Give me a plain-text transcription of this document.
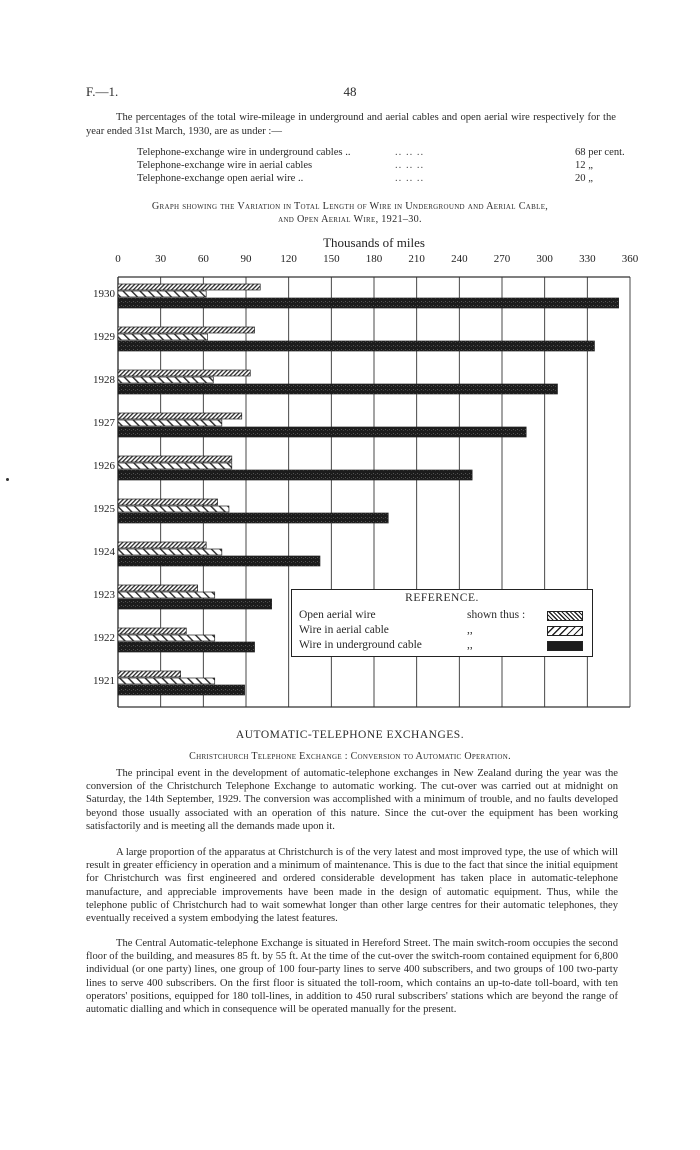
F.—1.	48

The percentages of the total wire-mileage in underground and aerial cables and open aerial wire respectively for the year ended 31st March, 1930, are as under :—

Telephone-exchange wire in underground cables ..	.. .. ..	68 per cent.
Telephone-exchange wire in aerial cables	.. .. ..	12 „
Telephone-exchange open aerial wire ..	.. .. ..	20 „
Graph showing the Variation in Total Length of Wire in Underground and Aerial Cable,
and Open Aerial Wire, 1921–30.
Thousands of miles
0	30	60	90	120 150 180 210 240 270 300 330 360
1930
1929
1928
1927
1926
1925
1924
1923
1922
1921
REFERENCE.
Open aerial wire	shown thus :
Wire in aerial cable	,,
Wire in underground cable	,,
AUTOMATIC-TELEPHONE EXCHANGES.
Christchurch Telephone Exchange : Conversion to Automatic Operation.

The principal event in the development of automatic-telephone exchanges in New Zealand during the year was the conversion of the Christchurch Telephone Exchange to automatic working. The cut-over was carried out at midnight on Saturday, the 14th September, 1929. The conversion was accomplished with a minimum of trouble, and no faults developed beyond those usually associated with an operation of this nature. Since the cut-over the equipment has been working satisfactorily and is meeting all the demands made upon it.

A large proportion of the apparatus at Christchurch is of the very latest and most improved type, the use of which will result in greater efficiency in operation and a minimum of maintenance. This is due to the fact that since the initial equipment for Christchurch was first engineered and ordered considerable development has taken place in automatic-telephone manufacture, and appreciable improvements have been made in the design of automatic equipment. Thus, while the telephone public of Christchurch had to wait somewhat longer than other large centres for their automatic telephones, they eventually received a system embodying the latest features.

The Central Automatic-telephone Exchange is situated in Hereford Street. The main switch-room occupies the second floor of the building, and measures 85 ft. by 55 ft. At the time of the cut-over the switch-room contained equipment for 6,800 individual (or one party) lines, one group of 100 four-party lines to serve 400 subscribers, and two groups of 100 two-party lines to serve 400 subscribers. On the first floor is situated the toll-room, which contains an up-to-date toll-board, with ten operators' positions, equipped for 180 toll-lines, in addition to 450 rural subscribers' stations which are beyond the range of automatic dialling and which in consequence will be operated manually for the present.
